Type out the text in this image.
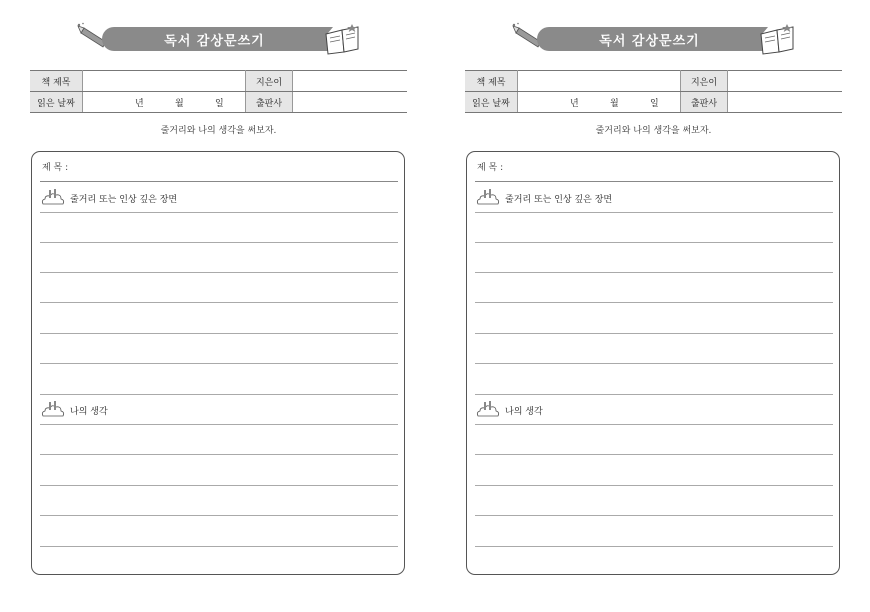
독서 감상문쓰기
책 제목		지은이	
읽은 날짜	년 월 일	출판사	
줄거리와 나의 생각을 써보자.
제 목 :
줄거리 또는 인상 깊은 장면
나의 생각
독서 감상문쓰기
책 제목		지은이	
읽은 날짜	년 월 일	출판사	
줄거리와 나의 생각을 써보자.
제 목 :
줄거리 또는 인상 깊은 장면
나의 생각
